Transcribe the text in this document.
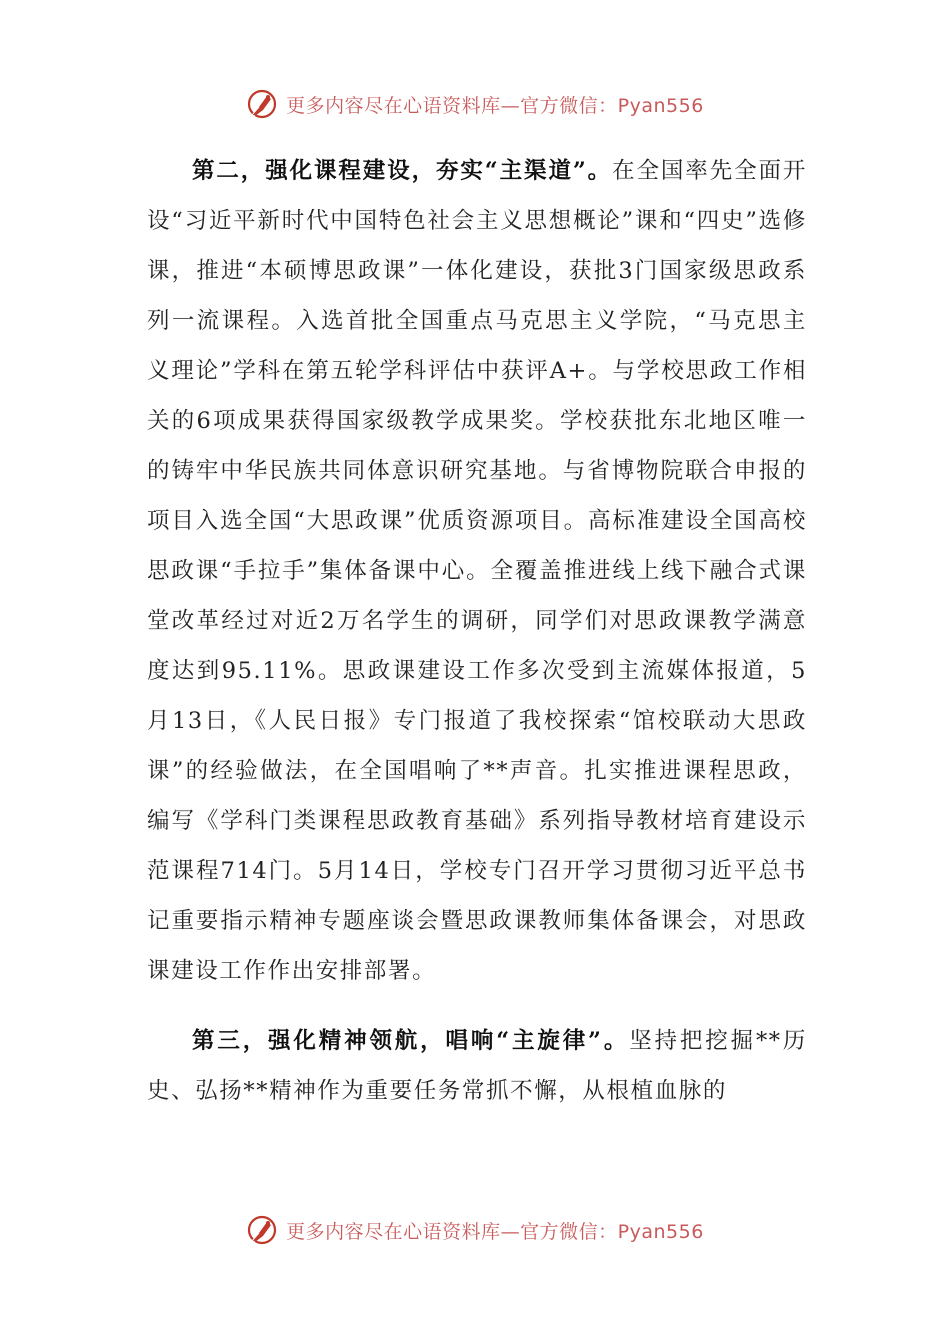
更多内容尽在心语资料库—官方微信：Pyan556

第二，强化课程建设，夯实“主渠道”。在全国率先全面开设“习近平新时代中国特色社会主义思想概论”课和“四史”选修课，推进“本硕博思政课”一体化建设，获批3门国家级思政系列一流课程。入选首批全国重点马克思主义学院，“马克思主义理论”学科在第五轮学科评估中获评A+。与学校思政工作相关的6项成果获得国家级教学成果奖。学校获批东北地区唯一的铸牢中华民族共同体意识研究基地。与省博物院联合申报的项目入选全国“大思政课”优质资源项目。高标准建设全国高校思政课“手拉手”集体备课中心。全覆盖推进线上线下融合式课堂改革经过对近2万名学生的调研，同学们对思政课教学满意度达到95.11%。思政课建设工作多次受到主流媒体报道，5月13日，《人民日报》专门报道了我校探索“馆校联动大思政课”的经验做法，在全国唱响了**声音。扎实推进课程思政，编写《学科门类课程思政教育基础》系列指导教材培育建设示范课程714门。5月14日，学校专门召开学习贯彻习近平总书记重要指示精神专题座谈会暨思政课教师集体备课会，对思政课建设工作作出安排部署。

第三，强化精神领航，唱响“主旋律”。坚持把挖掘**历史、弘扬**精神作为重要任务常抓不懈，从根植血脉的

更多内容尽在心语资料库—官方微信：Pyan556
